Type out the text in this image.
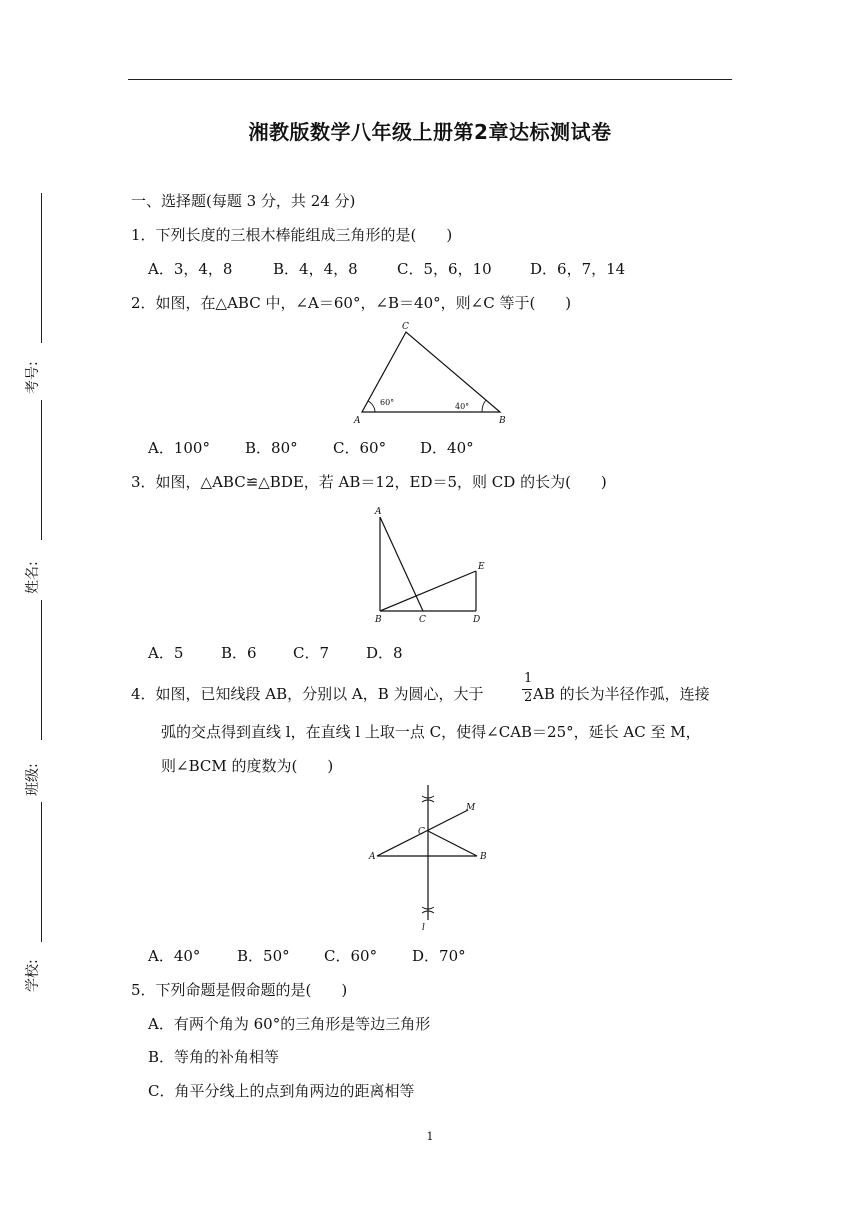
湘教版数学八年级上册第2章达标测试卷
考号:
姓名:
班级:
学校:
一、选择题(每题 3 分，共 24 分)
1．下列长度的三根木棒能组成三角形的是(　　)
A．3，4，8	B．4，4，8	C．5，6，10	D．6，7，14
2．如图，在△ABC 中，∠A＝60°，∠B＝40°，则∠C 等于(　　)
A	B
C
60°	40°
A．100° B．80° C．60° D．40°
3．如图，△ABC≌△BDE，若 AB＝12，ED＝5，则 CD 的长为(　　)
A
B	C	D
E
A．5	B．6 C．7 D．8
4．如图，已知线段 AB，分别以 A，B 为圆心，大于
1
2 AB 的长为半径作弧，连接
弧的交点得到直线 l，在直线 l 上取一点 C，使得∠CAB＝25°，延长 AC 至 M，
则∠BCM 的度数为(　　)
A	B
C
M
l
A．40° B．50° C．60° D．70°
5．下列命题是假命题的是(　　)
A．有两个角为 60°的三角形是等边三角形
B．等角的补角相等
C．角平分线上的点到角两边的距离相等
1
